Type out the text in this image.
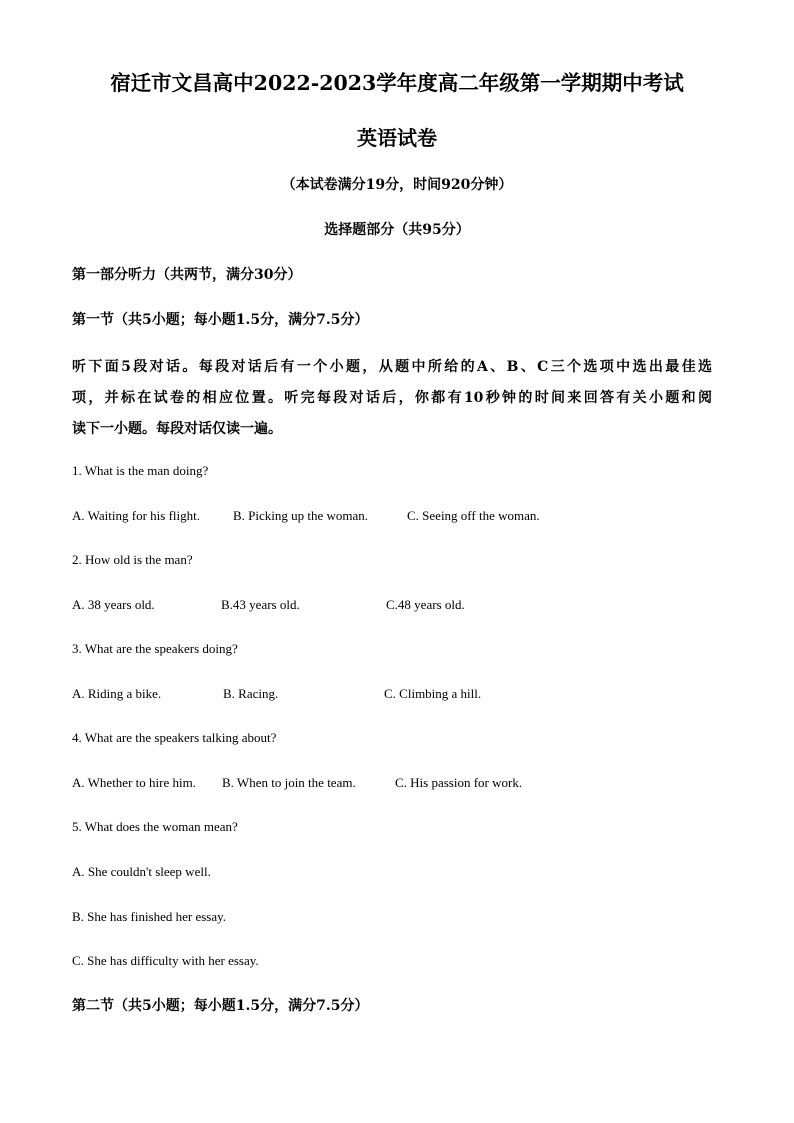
宿迁市文昌高中2022-2023学年度高二年级第一学期期中考试
英语试卷
（本试卷满分19分，时间920分钟）
选择题部分（共95分）
第一部分听力（共两节，满分30分）
第一节（共5小题；每小题1.5分，满分7.5分）
听下面5段对话。每段对话后有一个小题，从题中所给的A、B、C三个选项中选出最佳选
项，并标在试卷的相应位置。听完每段对话后，你都有10秒钟的时间来回答有关小题和阅
读下一小题。每段对话仅读一遍。
1. What is the man doing?
A. Waiting for his flight.	B. Picking up the woman.	C. Seeing off the woman.
2. How old is the man?
A. 38 years old.	B.43 years old.	C.48 years old.
3. What are the speakers doing?
A. Riding a bike.	B. Racing.	C. Climbing a hill.
4. What are the speakers talking about?
A. Whether to hire him. B. When to join the team.	C. His passion for work.
5. What does the woman mean?
A. She couldn't sleep well.
B. She has finished her essay.
C. She has difficulty with her essay.
第二节（共5小题；每小题1.5分，满分7.5分）
